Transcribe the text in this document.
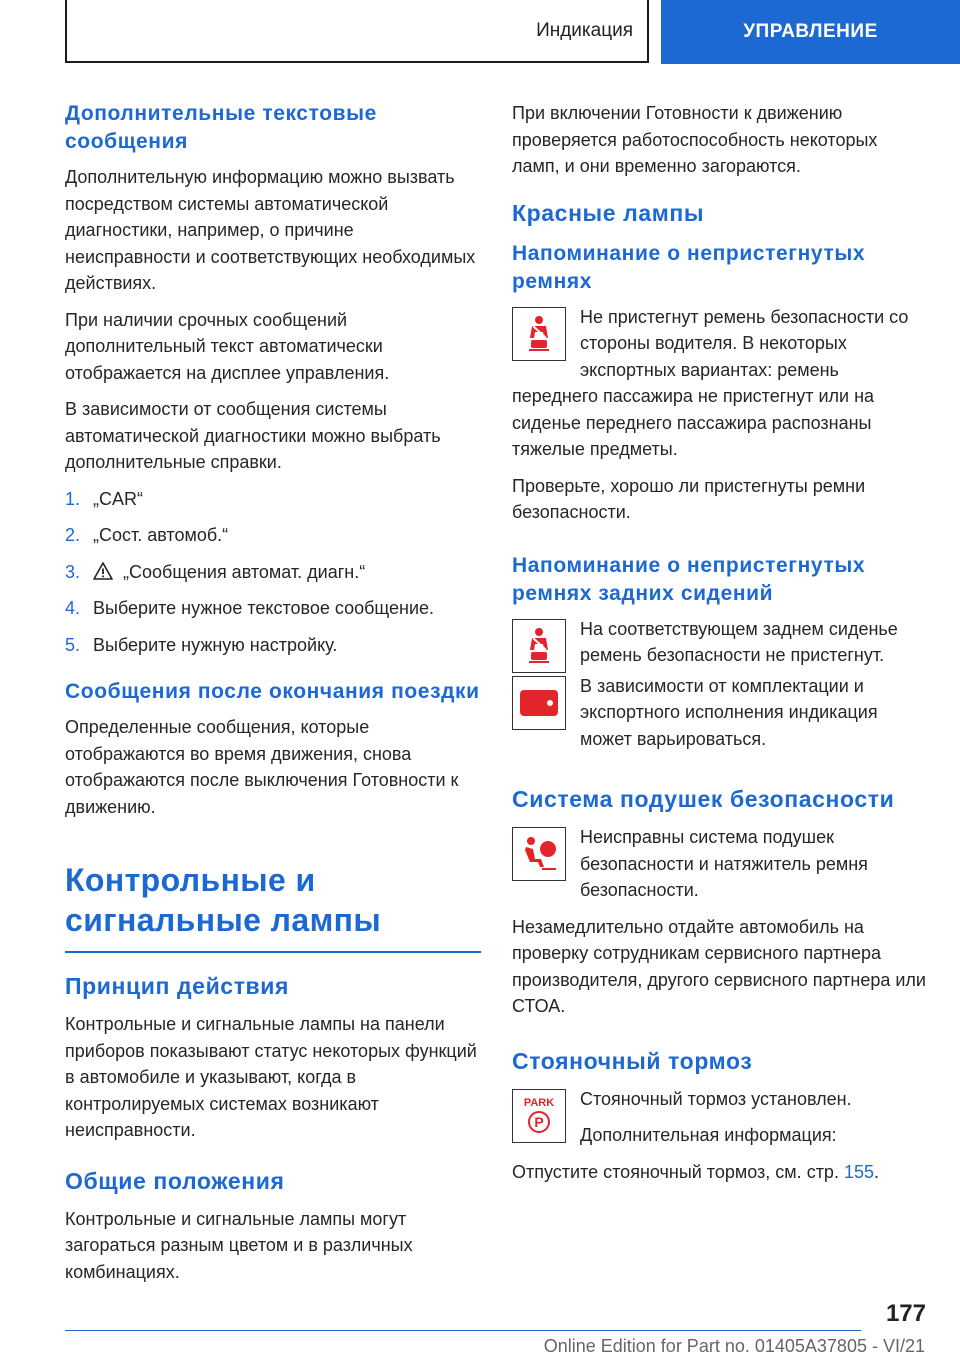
Индикация	УПРАВЛЕНИЕ
Дополнительные текстовые сообщения

Дополнительную информацию можно вызвать посредством системы автоматической диагностики, например, о причине неисправности и соответствующих необходимых действиях.

При наличии срочных сообщений дополнительный текст автоматически отображается на дисплее управления.

В зависимости от сообщения системы автоматической диагностики можно выбрать дополнительные справки.

1. „CAR“
2. „Сост. автомоб.“
3. „Сообщения автомат. диагн.“
4. Выберите нужное текстовое сообщение.
5. Выберите нужную настройку.
Сообщения после окончания поездки

Определенные сообщения, которые отображаются во время движения, снова отображаются после выключения Готовности к движению.

Контрольные и сигнальные лампы
Принцип действия

Контрольные и сигнальные лампы на панели приборов показывают статус некоторых функций в автомобиле и указывают, когда в контролируемых системах возникают неисправности.

Общие положения

Контрольные и сигнальные лампы могут загораться разным цветом и в различных комбинациях.

При включении Готовности к движению проверяется работоспособность некоторых ламп, и они временно загораются.

Красные лампы
Напоминание о непристегнутых ремнях

Не пристегнут ремень безопасности со стороны водителя. В некоторых экспортных вариантах: ремень переднего пассажира не пристегнут или на сиденье переднего пассажира распознаны тяжелые предметы.

Проверьте, хорошо ли пристегнуты ремни безопасности.

Напоминание о непристегнутых ремнях задних сидений

На соответствующем заднем сиденье ремень безопасности не пристегнут.

В зависимости от комплектации и экспортного исполнения индикация может варьироваться.

Система подушек безопасности

Неисправны система подушек безопасности и натяжитель ремня безопасности.

Незамедлительно отдайте автомобиль на проверку сотрудникам сервисного партнера производителя, другого сервисного партнера или СТОА.

Стояночный тормоз
PARK
P

Стояночный тормоз установлен.

Дополнительная информация:

Отпустите стояночный тормоз, см. стр. 155.

177
Online Edition for Part no. 01405A37805 - VI/21
